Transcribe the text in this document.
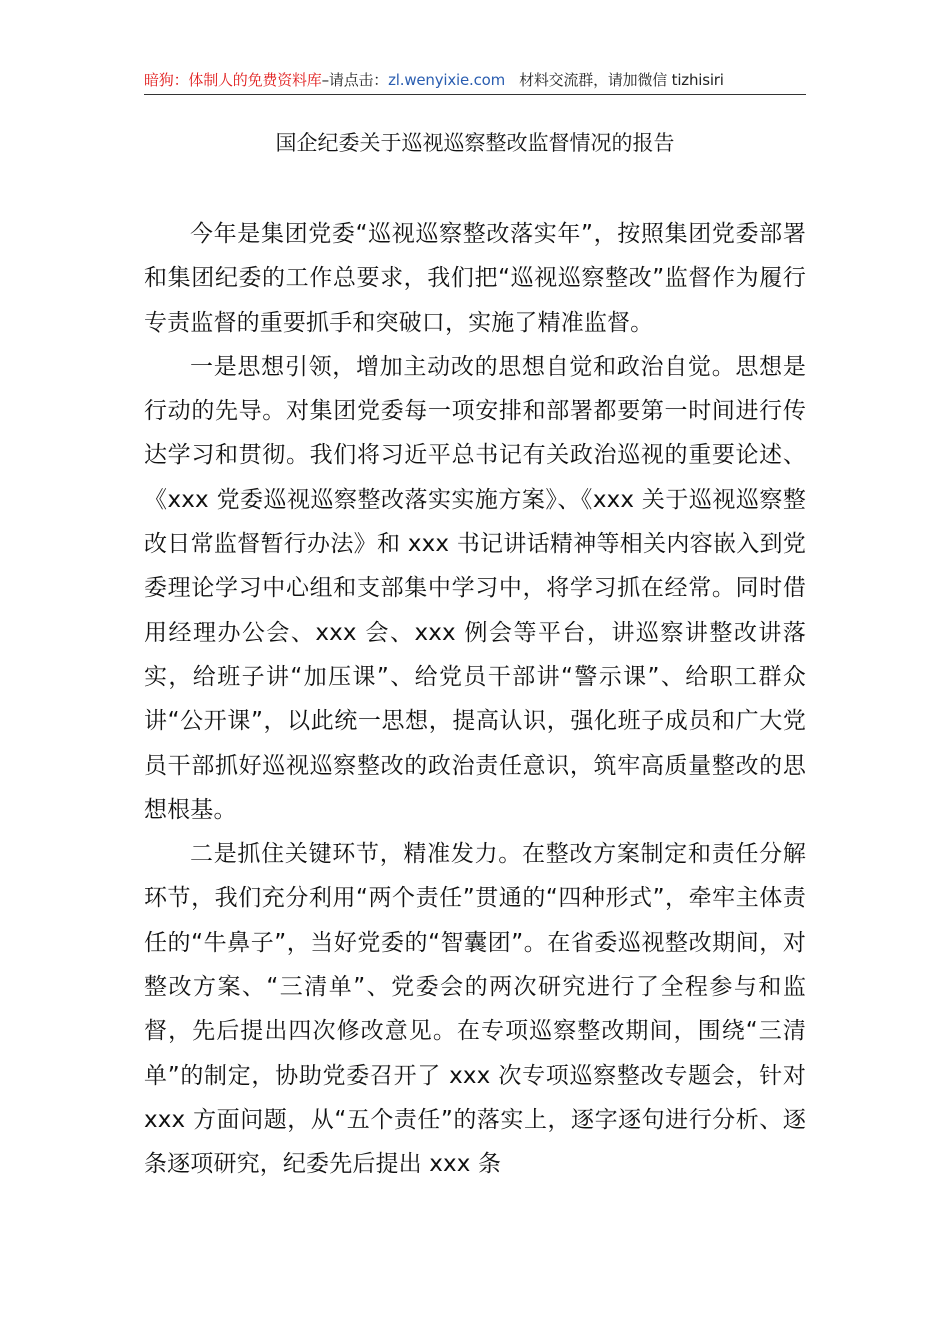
暗狗：体制人的免费资料库–请点击：zl.wenyixie.com 材料交流群，请加微信 tizhisiri
国企纪委关于巡视巡察整改监督情况的报告

今年是集团党委“巡视巡察整改落实年”，按照集团党委部署和集团纪委的工作总要求，我们把“巡视巡察整改”监督作为履行专责监督的重要抓手和突破口，实施了精准监督。

一是思想引领，增加主动改的思想自觉和政治自觉。思想是行动的先导。对集团党委每一项安排和部署都要第一时间进行传达学习和贯彻。我们将习近平总书记有关政治巡视的重要论述、《xxx 党委巡视巡察整改落实实施方案》、《xxx 关于巡视巡察整改日常监督暂行办法》和 xxx 书记讲话精神等相关内容嵌入到党委理论学习中心组和支部集中学习中，将学习抓在经常。同时借用经理办公会、xxx 会、xxx 例会等平台，讲巡察讲整改讲落实，给班子讲“加压课”、给党员干部讲“警示课”、给职工群众讲“公开课”，以此统一思想，提高认识，强化班子成员和广大党员干部抓好巡视巡察整改的政治责任意识，筑牢高质量整改的思想根基。

二是抓住关键环节，精准发力。在整改方案制定和责任分解环节，我们充分利用“两个责任”贯通的“四种形式”，牵牢主体责任的“牛鼻子”，当好党委的“智囊团”。在省委巡视整改期间，对整改方案、“三清单”、党委会的两次研究进行了全程参与和监督，先后提出四次修改意见。在专项巡察整改期间，围绕“三清单”的制定，协助党委召开了 xxx 次专项巡察整改专题会，针对 xxx 方面问题，从“五个责任”的落实上，逐字逐句进行分析、逐条逐项研究，纪委先后提出 xxx 条
